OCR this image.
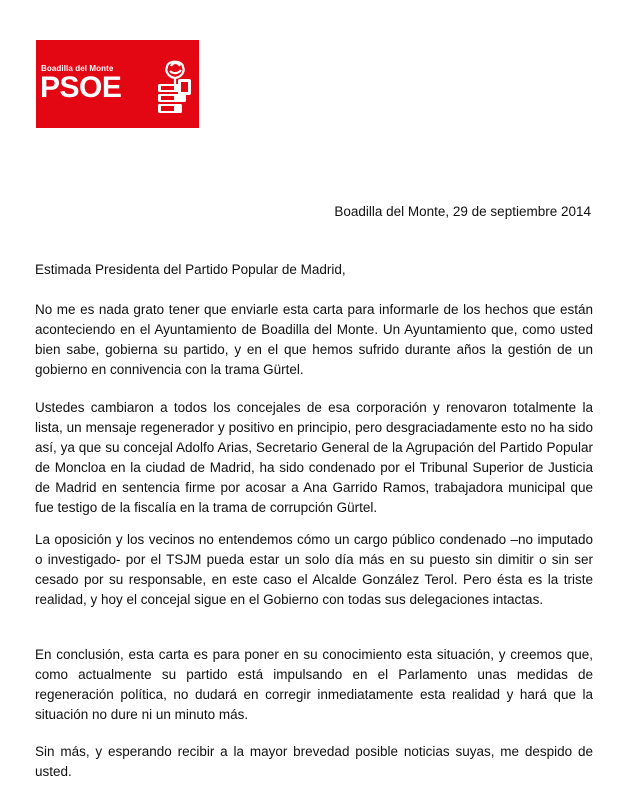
Boadilla del Monte
PSOE
Boadilla del Monte, 29 de septiembre 2014
Estimada Presidenta del Partido Popular de Madrid,
No me es nada grato tener que enviarle esta carta para informarle de los hechos que están aconteciendo en el Ayuntamiento de Boadilla del Monte. Un Ayuntamiento que, como usted bien sabe, gobierna su partido, y en el que hemos sufrido durante años la gestión de un gobierno en connivencia con la trama Gürtel.
Ustedes cambiaron a todos los concejales de esa corporación y renovaron totalmente la lista, un mensaje regenerador y positivo en principio, pero desgraciadamente esto no ha sido así, ya que su concejal Adolfo Arias, Secretario General de la Agrupación del Partido Popular de Moncloa en la ciudad de Madrid, ha sido condenado por el Tribunal Superior de Justicia de Madrid en sentencia firme por acosar a Ana Garrido Ramos, trabajadora municipal que fue testigo de la fiscalía en la trama de corrupción Gürtel.
La oposición y los vecinos no entendemos cómo un cargo público condenado –no imputado o investigado- por el TSJM pueda estar un solo día más en su puesto sin dimitir o sin ser cesado por su responsable, en este caso el Alcalde González Terol. Pero ésta es la triste realidad, y hoy el concejal sigue en el Gobierno con todas sus delegaciones intactas.
En conclusión, esta carta es para poner en su conocimiento esta situación, y creemos que, como actualmente su partido está impulsando en el Parlamento unas medidas de regeneración política, no dudará en corregir inmediatamente esta realidad y hará que la situación no dure ni un minuto más.
Sin más, y esperando recibir a la mayor brevedad posible noticias suyas, me despido de usted.
